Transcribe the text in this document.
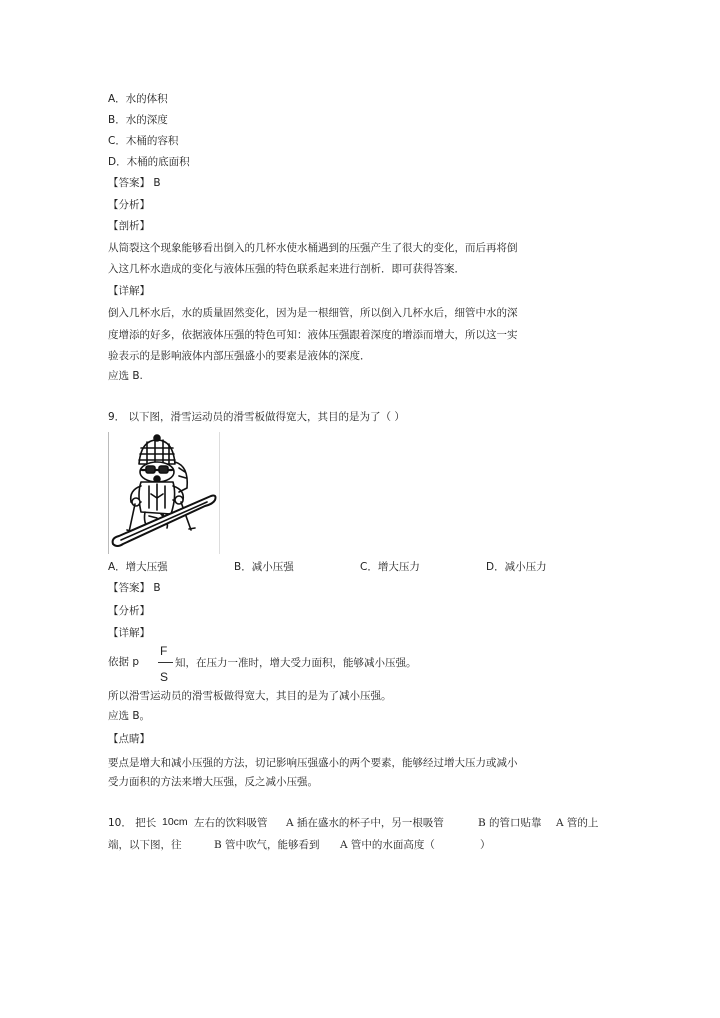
A．水的体积
B．水的深度
C．木桶的容积
D．木桶的底面积
【答案】 B
【分析】
【剖析】
从筒裂这个现象能够看出倒入的几杯水使水桶遇到的压强产生了很大的变化，而后再将倒
入这几杯水造成的变化与液体压强的特色联系起来进行剖析．即可获得答案．
【详解】
倒入几杯水后，水的质量固然变化，因为是一根细管，所以倒入几杯水后，细管中水的深
度增添的好多，依据液体压强的特色可知：液体压强跟着深度的增添而增大，所以这一实
验表示的是影响液体内部压强盛小的要素是液体的深度．
应选 B.
9． 以下图，滑雪运动员的滑雪板做得宽大，其目的是为了（ ）
A．增大压强	B．减小压强	C．增大压力	D．减小压力
【答案】 B
【分析】
【详解】
依据 p
F
S
知，在压力一准时，增大受力面积，能够减小压强。
所以滑雪运动员的滑雪板做得宽大，其目的是为了减小压强。
应选 B。
【点睛】
要点是增大和减小压强的方法，切记影响压强盛小的两个要素，能够经过增大压力或减小
受力面积的方法来增大压强，反之减小压强。
10． 把长 10cm 左右的饮料吸管 A 插在盛水的杯子中，另一根吸管	B 的管口贴靠 A 管的上
端，以下图，往	B 管中吹气，能够看到 A 管中的水面高度（	）
